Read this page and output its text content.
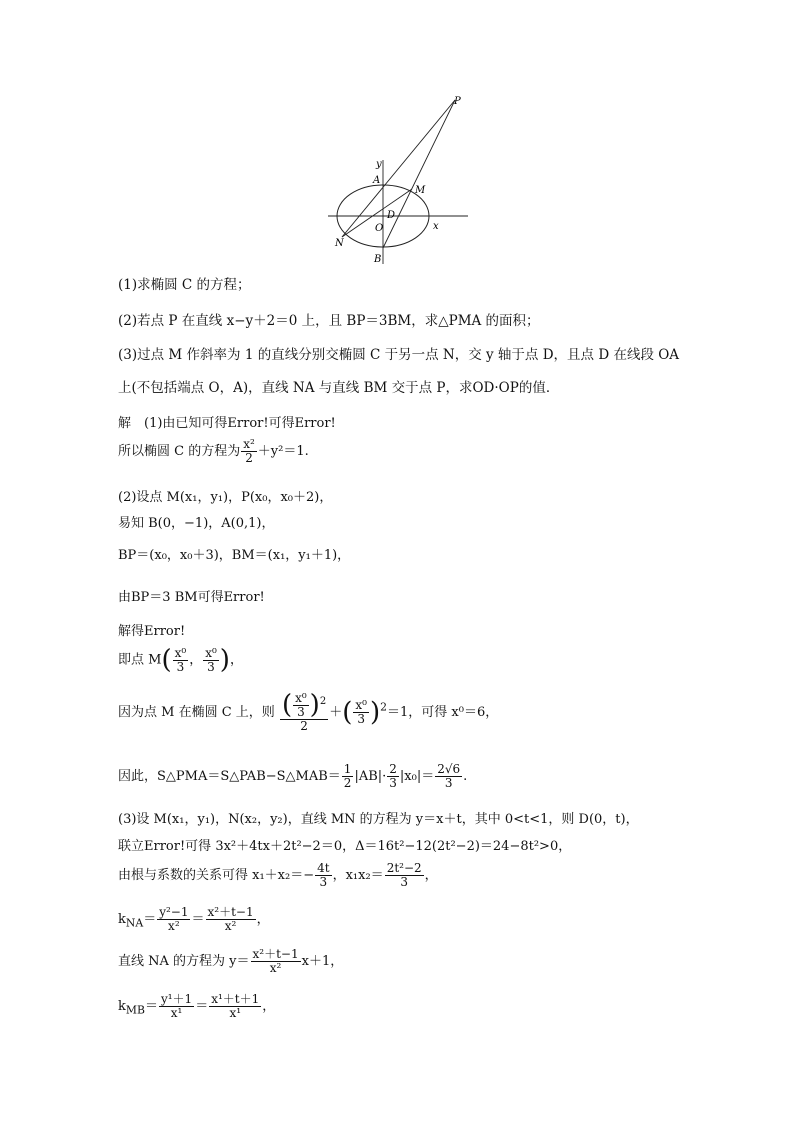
P
A
M
D
O
N
B
x
y
(1)求椭圆 C 的方程；
(2)若点 P 在直线 x−y＋2＝0 上，且 BP＝3BM，求△PMA 的面积；
(3)过点 M 作斜率为 1 的直线分别交椭圆 C 于另一点 N，交 y 轴于点 D，且点 D 在线段 OA
上(不包括端点 O，A)，直线 NA 与直线 BM 交于点 P，求OD·OP的值．
解　(1)由已知可得Error!可得Error!
所以椭圆 C 的方程为 $\frac{\text{x²}}{2} +y^2=1$.
(2)设点 M(x₁，y₁)，P(x₀，x₀＋2)，
易知 B(0，−1)，A(0,1)，
BP＝(x₀，x₀＋3)，BM＝(x₁，y₁＋1)，
由BP＝3 BM可得Error!
解得Error!
即点 $M( \frac{\text{x⁰}}{3}$ ， $\frac{\text{x⁰}}{3}$ )，
因为点 M 在椭圆 C 上，则 $\frac{( \frac{\text{x⁰}}{3} )^2}{2}$ ＋( $\frac{\text{x⁰}}{3} )^2=1$，可得 x⁰＝6，
因此，S△PMA＝S△PAB−S△MAB＝ $\frac{1}{2} |AB|\cdot \frac{2}{3} |x_0|= \frac{2√6}{3}$ .
(3)设 M(x₁，y₁)，N(x₂，y₂)，直线 MN 的方程为 y＝x＋t，其中 0<t<1，则 D(0，t)，
联立Error!可得 3x²＋4tx＋2t²−2＝0，Δ＝16t²−12(2t²−2)＝24−8t²>0，
由根与系数的关系可得 $x_1+x_2=- \frac{4t}{3}$ ，$x_1x_2= \frac{\text{2t²−2}}{3}$ ，
$k_{NA}= \frac{\text{y²−1}}{\text{x²}} = \frac{\text{x²＋t−1}}{\text{x²}}$ ，
直线 NA 的方程为 $y= \frac{\text{x²＋t−1}}{\text{x²}} x+1$，
$k_{MB}= \frac{\text{y¹＋1}}{\text{x¹}} = \frac{\text{x¹＋t＋1}}{\text{x¹}}$ ，
